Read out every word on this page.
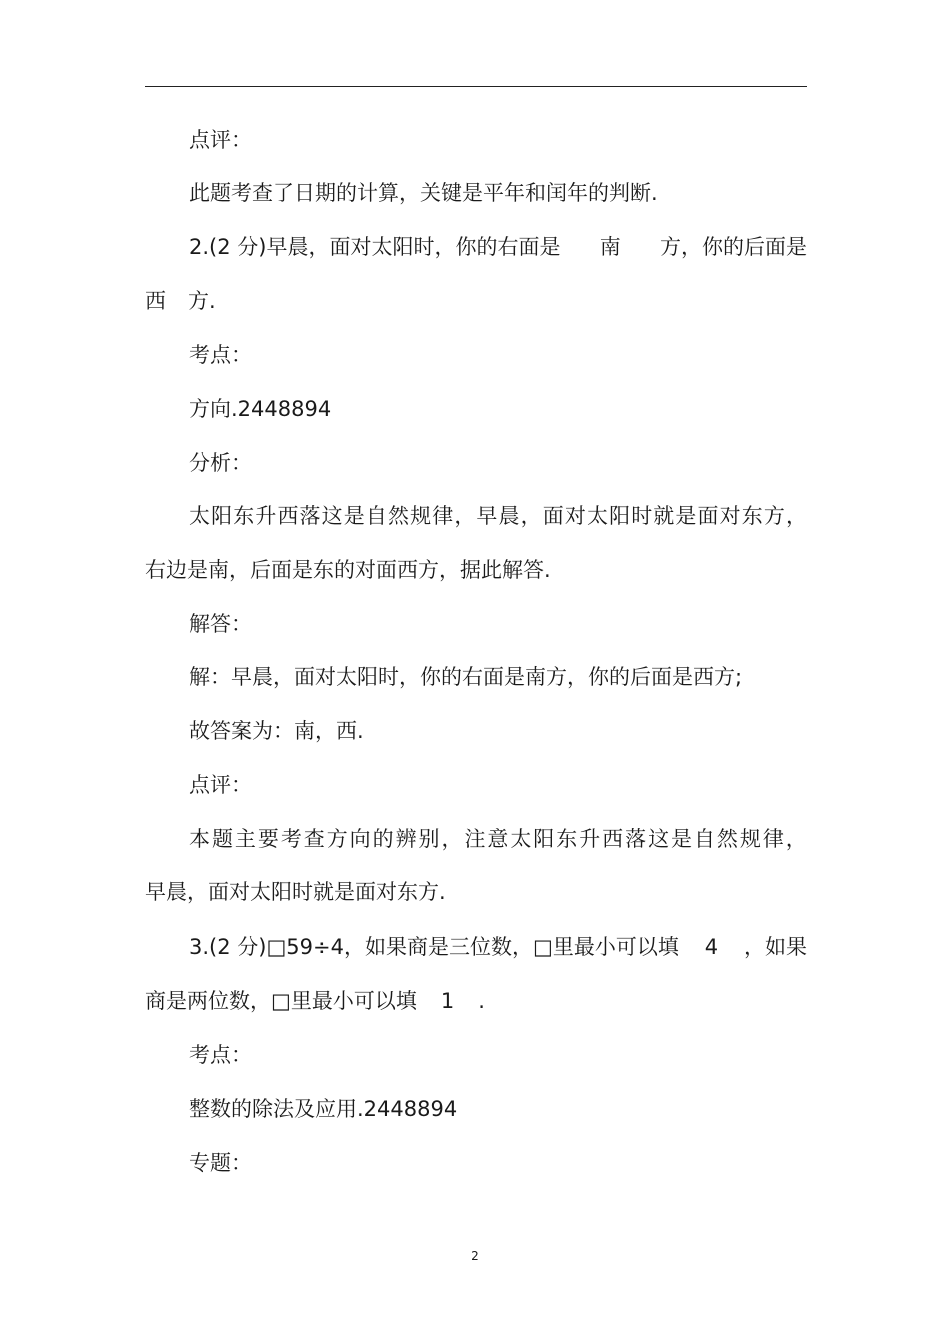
点评：
此题考查了日期的计算，关键是平年和闰年的判断.
2.(2 分)早晨，面对太阳时，你的右面是 南 方，你的后面是
西 方.
考点：
方向.2448894
分析：
太 阳 东 升 西 落 这 是 自 然 规 律 ， 早 晨 ， 面 对 太 阳 时 就 是 面 对 东 方 ，
右边是南，后面是东的对面西方，据此解答.
解答：
解：早晨，面对太阳时，你的右面是南方，你的后面是西方;
故答案为：南，西.
点评：
本 题 主 要 考 查 方 向 的 辨 别 ， 注 意 太 阳 东 升 西 落 这 是 自 然 规 律 ，
早晨，面对太阳时就是面对东方.
3.(2 分)□59÷4，如果商是三位数，□里最小可以填 4 ，如果
商是两位数，□里最小可以填 1 .
考点：
整数的除法及应用.2448894
专题：
2
